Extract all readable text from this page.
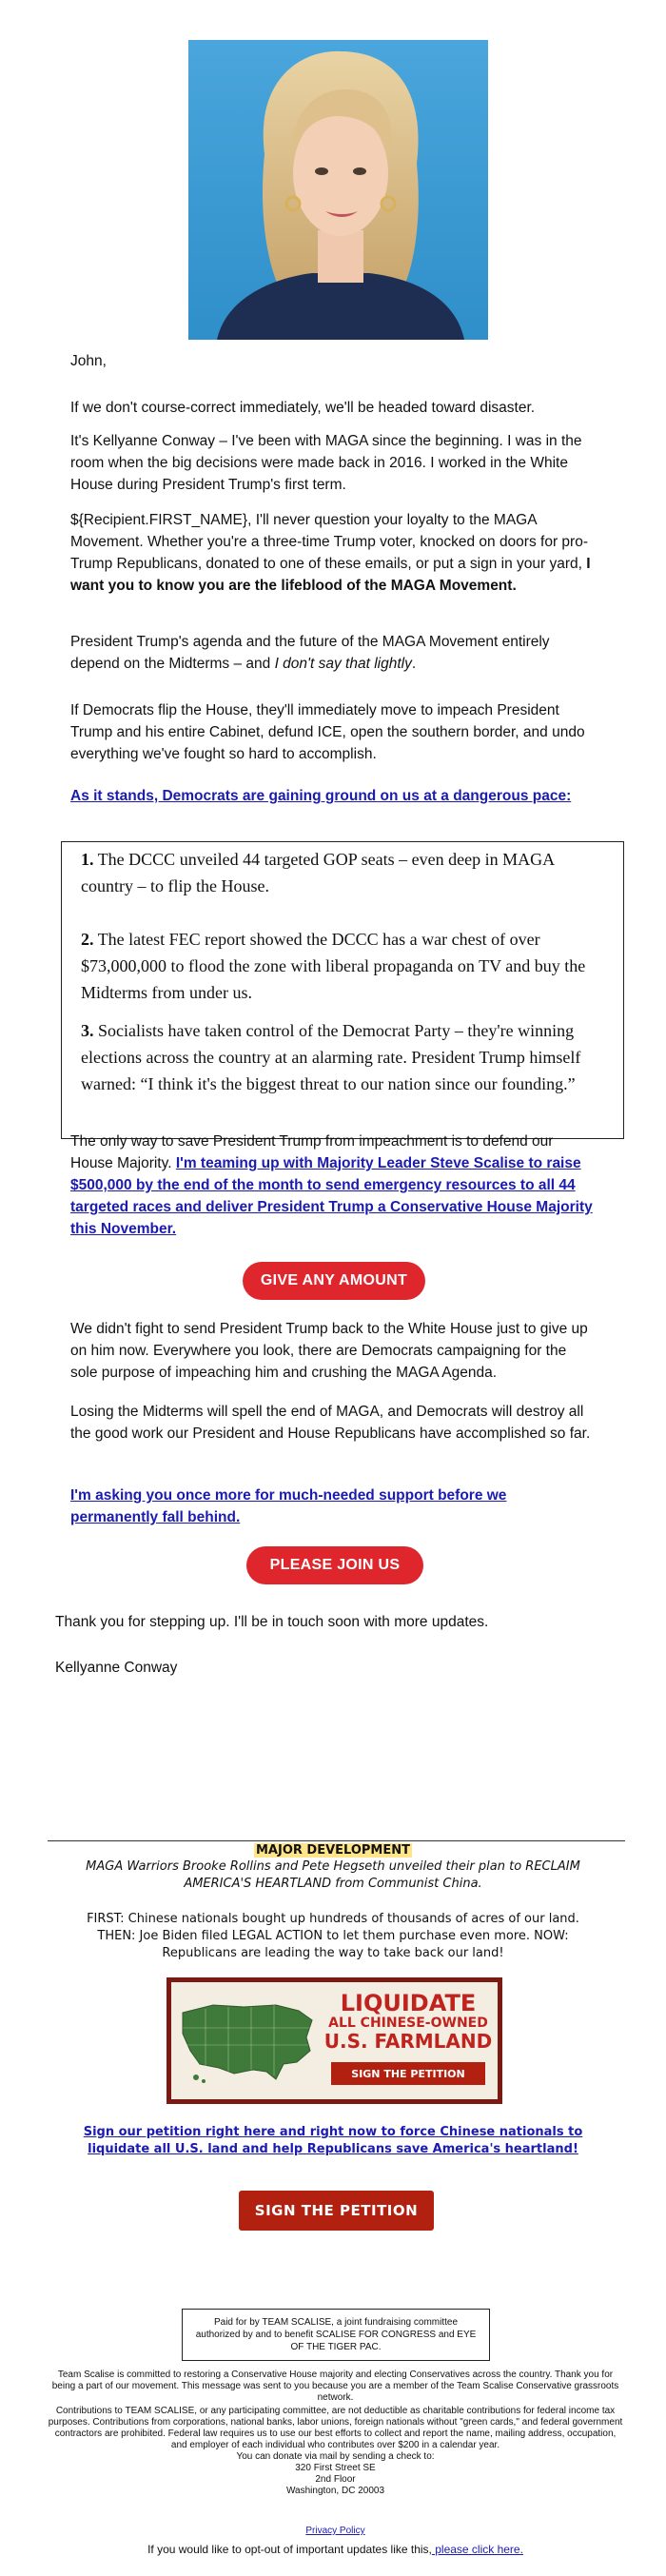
John,

If we don't course-correct immediately, we'll be headed toward disaster.

It's Kellyanne Conway – I've been with MAGA since the beginning. I was in the room when the big decisions were made back in 2016. I worked in the White House during President Trump's first term.

${Recipient.FIRST_NAME}, I'll never question your loyalty to the MAGA Movement. Whether you're a three-time Trump voter, knocked on doors for pro-Trump Republicans, donated to one of these emails, or put a sign in your yard, I want you to know you are the lifeblood of the MAGA Movement.

President Trump's agenda and the future of the MAGA Movement entirely depend on the Midterms – and I don't say that lightly.

If Democrats flip the House, they'll immediately move to impeach President Trump and his entire Cabinet, defund ICE, open the southern border, and undo everything we've fought so hard to accomplish.

As it stands, Democrats are gaining ground on us at a dangerous pace:
1. The DCCC unveiled 44 targeted GOP seats – even deep in MAGA country – to flip the House.
2. The latest FEC report showed the DCCC has a war chest of over $73,000,000 to flood the zone with liberal propaganda on TV and buy the Midterms from under us.
3. Socialists have taken control of the Democrat Party – they're winning elections across the country at an alarming rate. President Trump himself warned: “I think it's the biggest threat to our nation since our founding.”

The only way to save President Trump from impeachment is to defend our House Majority. I'm teaming up with Majority Leader Steve Scalise to raise $500,000 by the end of the month to send emergency resources to all 44 targeted races and deliver President Trump a Conservative House Majority this November.

GIVE ANY AMOUNT

We didn't fight to send President Trump back to the White House just to give up on him now. Everywhere you look, there are Democrats campaigning for the sole purpose of impeaching him and crushing the MAGA Agenda.

Losing the Midterms will spell the end of MAGA, and Democrats will destroy all the good work our President and House Republicans have accomplished so far.

I'm asking you once more for much-needed support before we permanently fall behind.
PLEASE JOIN US

Thank you for stepping up. I'll be in touch soon with more updates.

Kellyanne Conway
MAJOR DEVELOPMENT
MAGA Warriors Brooke Rollins and Pete Hegseth unveiled their plan to RECLAIM AMERICA'S HEARTLAND from Communist China.
FIRST: Chinese nationals bought up hundreds of thousands of acres of our land.
THEN: Joe Biden filed LEGAL ACTION to let them purchase even more. NOW: Republicans are leading the way to take back our land!
LIQUIDATE
ALL CHINESE-OWNED
U.S. FARMLAND
SIGN THE PETITION
Sign our petition right here and right now to force Chinese nationals to liquidate all U.S. land and help Republicans save America's heartland!
SIGN THE PETITION
Paid for by TEAM SCALISE, a joint fundraising committee authorized by and to benefit SCALISE FOR CONGRESS and EYE OF THE TIGER PAC.
Team Scalise is committed to restoring a Conservative House majority and electing Conservatives across the country. Thank you for being a part of our movement. This message was sent to you because you are a member of the Team Scalise Conservative grassroots network.
Contributions to TEAM SCALISE, or any participating committee, are not deductible as charitable contributions for federal income tax purposes. Contributions from corporations, national banks, labor unions, foreign nationals without "green cards," and federal government contractors are prohibited. Federal law requires us to use our best efforts to collect and report the name, mailing address, occupation, and employer of each individual who contributes over $200 in a calendar year.
You can donate via mail by sending a check to:
320 First Street SE
2nd Floor
Washington, DC 20003
Privacy Policy
If you would like to opt-out of important updates like this, please click here.
